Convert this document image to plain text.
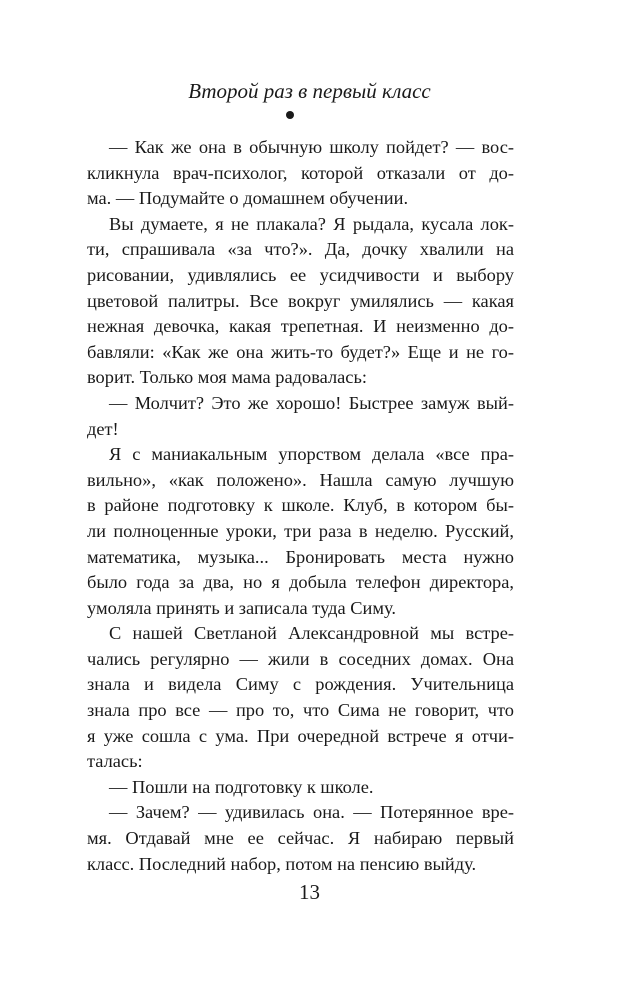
Второй раз в первый класс

— Как же она в обычную школу пойдет? — вос-

кликнула врач-психолог, которой отказали от до-

ма. — Подумайте о домашнем обучении.

Вы думаете, я не плакала? Я рыдала, кусала лок-

ти, спрашивала «за что?». Да, дочку хвалили на

рисовании, удивлялись ее усидчивости и выбору

цветовой палитры. Все вокруг умилялись — какая

нежная девочка, какая трепетная. И неизменно до-

бавляли: «Как же она жить-то будет?» Еще и не го-

ворит. Только моя мама радовалась:

— Молчит? Это же хорошо! Быстрее замуж вый-

дет!

Я с маниакальным упорством делала «все пра-

вильно», «как положено». Нашла самую лучшую

в районе подготовку к школе. Клуб, в котором бы-

ли полноценные уроки, три раза в неделю. Русский,

математика, музыка... Бронировать места нужно

было года за два, но я добыла телефон директора,

умоляла принять и записала туда Симу.

С нашей Светланой Александровной мы встре-

чались регулярно — жили в соседних домах. Она

знала и видела Симу с рождения. Учительница

знала про все — про то, что Сима не говорит, что

я уже сошла с ума. При очередной встрече я отчи-

талась:

— Пошли на подготовку к школе.

— Зачем? — удивилась она. — Потерянное вре-

мя. Отдавай мне ее сейчас. Я набираю первый

класс. Последний набор, потом на пенсию выйду.

13
